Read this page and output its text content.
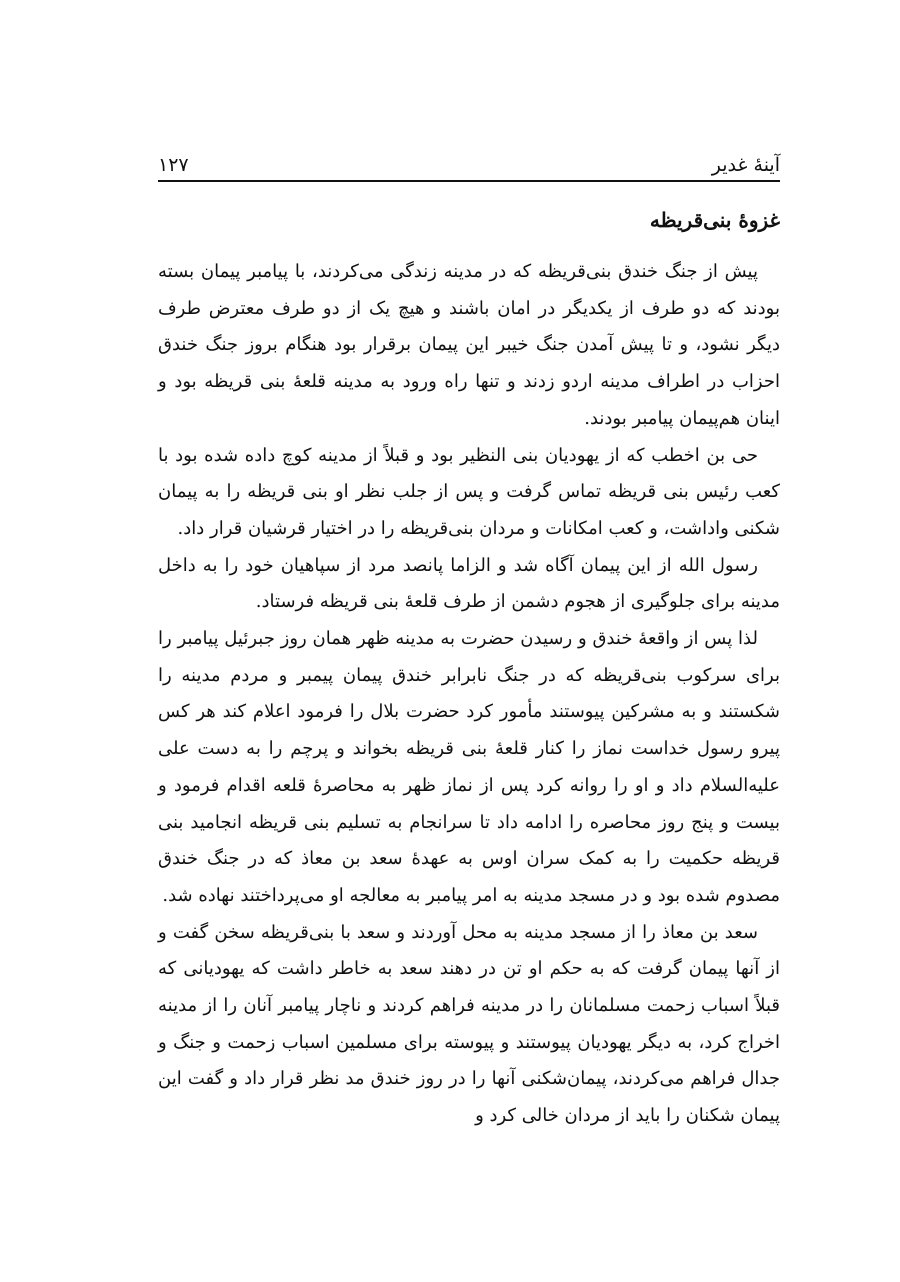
آينهٔ غدير
۱۲۷
غزوهٔ بنی‌قريظه

پيش از جنگ خندق بنی‌قريظه كه در مدينه زندگی می‌كردند، با پيامبر پيمان بسته بودند كه دو طرف از يكديگر در امان باشند و هيچ يک از دو طرف معترض طرف ديگر نشود، و تا پيش آمدن جنگ خيبر اين پيمان برقرار بود هنگام بروز جنگ خندق احزاب در اطراف مدينه اردو زدند و تنها راه ورود به مدينه قلعهٔ بنی قريظه بود و اينان هم‌پيمان پيامبر بودند.

حی بن اخطب كه از يهوديان بنی النظير بود و قبلاً از مدينه كوچ داده شده بود با كعب رئيس بنی قريظه تماس گرفت و پس از جلب نظر او بنی قريظه را به پيمان شكنی واداشت، و كعب امكانات و مردان بنی‌قريظه را در اختيار قرشيان قرار داد.

رسول الله از اين پيمان آگاه شد و الزاما پانصد مرد از سپاهيان خود را به داخل مدينه برای جلوگيری از هجوم دشمن از طرف قلعهٔ بنی قريظه فرستاد.

لذا پس از واقعهٔ خندق و رسيدن حضرت به مدينه ظهر همان روز جبرئيل پيامبر را برای سركوب بنی‌قريظه كه در جنگ نابرابر خندق پيمان پيمبر و مردم مدينه را شكستند و به مشركين پيوستند مأمور كرد حضرت بلال را فرمود اعلام كند هر كس پيرو رسول خداست نماز را كنار قلعهٔ بنی قريظه بخواند و پرچم را به دست علی عليه‌السلام داد و او را روانه كرد پس از نماز ظهر به محاصرهٔ قلعه اقدام فرمود و بيست و پنج روز محاصره را ادامه داد تا سرانجام به تسليم بنی قريظه انجاميد بنی قريظه حكميت را به كمک سران اوس به عهدهٔ سعد بن معاذ كه در جنگ خندق مصدوم شده بود و در مسجد مدينه به امر پيامبر به معالجه او می‌پرداختند نهاده شد.

سعد بن معاذ را از مسجد مدينه به محل آوردند و سعد با بنی‌قريظه سخن گفت و از آنها پيمان گرفت كه به حكم او تن در دهند سعد به خاطر داشت كه يهوديانی كه قبلاً اسباب زحمت مسلمانان را در مدينه فراهم كردند و ناچار پيامبر آنان را از مدينه اخراج كرد، به ديگر يهوديان پيوستند و پيوسته برای مسلمين اسباب زحمت و جنگ و جدال فراهم می‌كردند، پيمان‌شكنی آنها را در روز خندق مد نظر قرار داد و گفت اين پيمان شكنان را بايد از مردان خالی كرد و
